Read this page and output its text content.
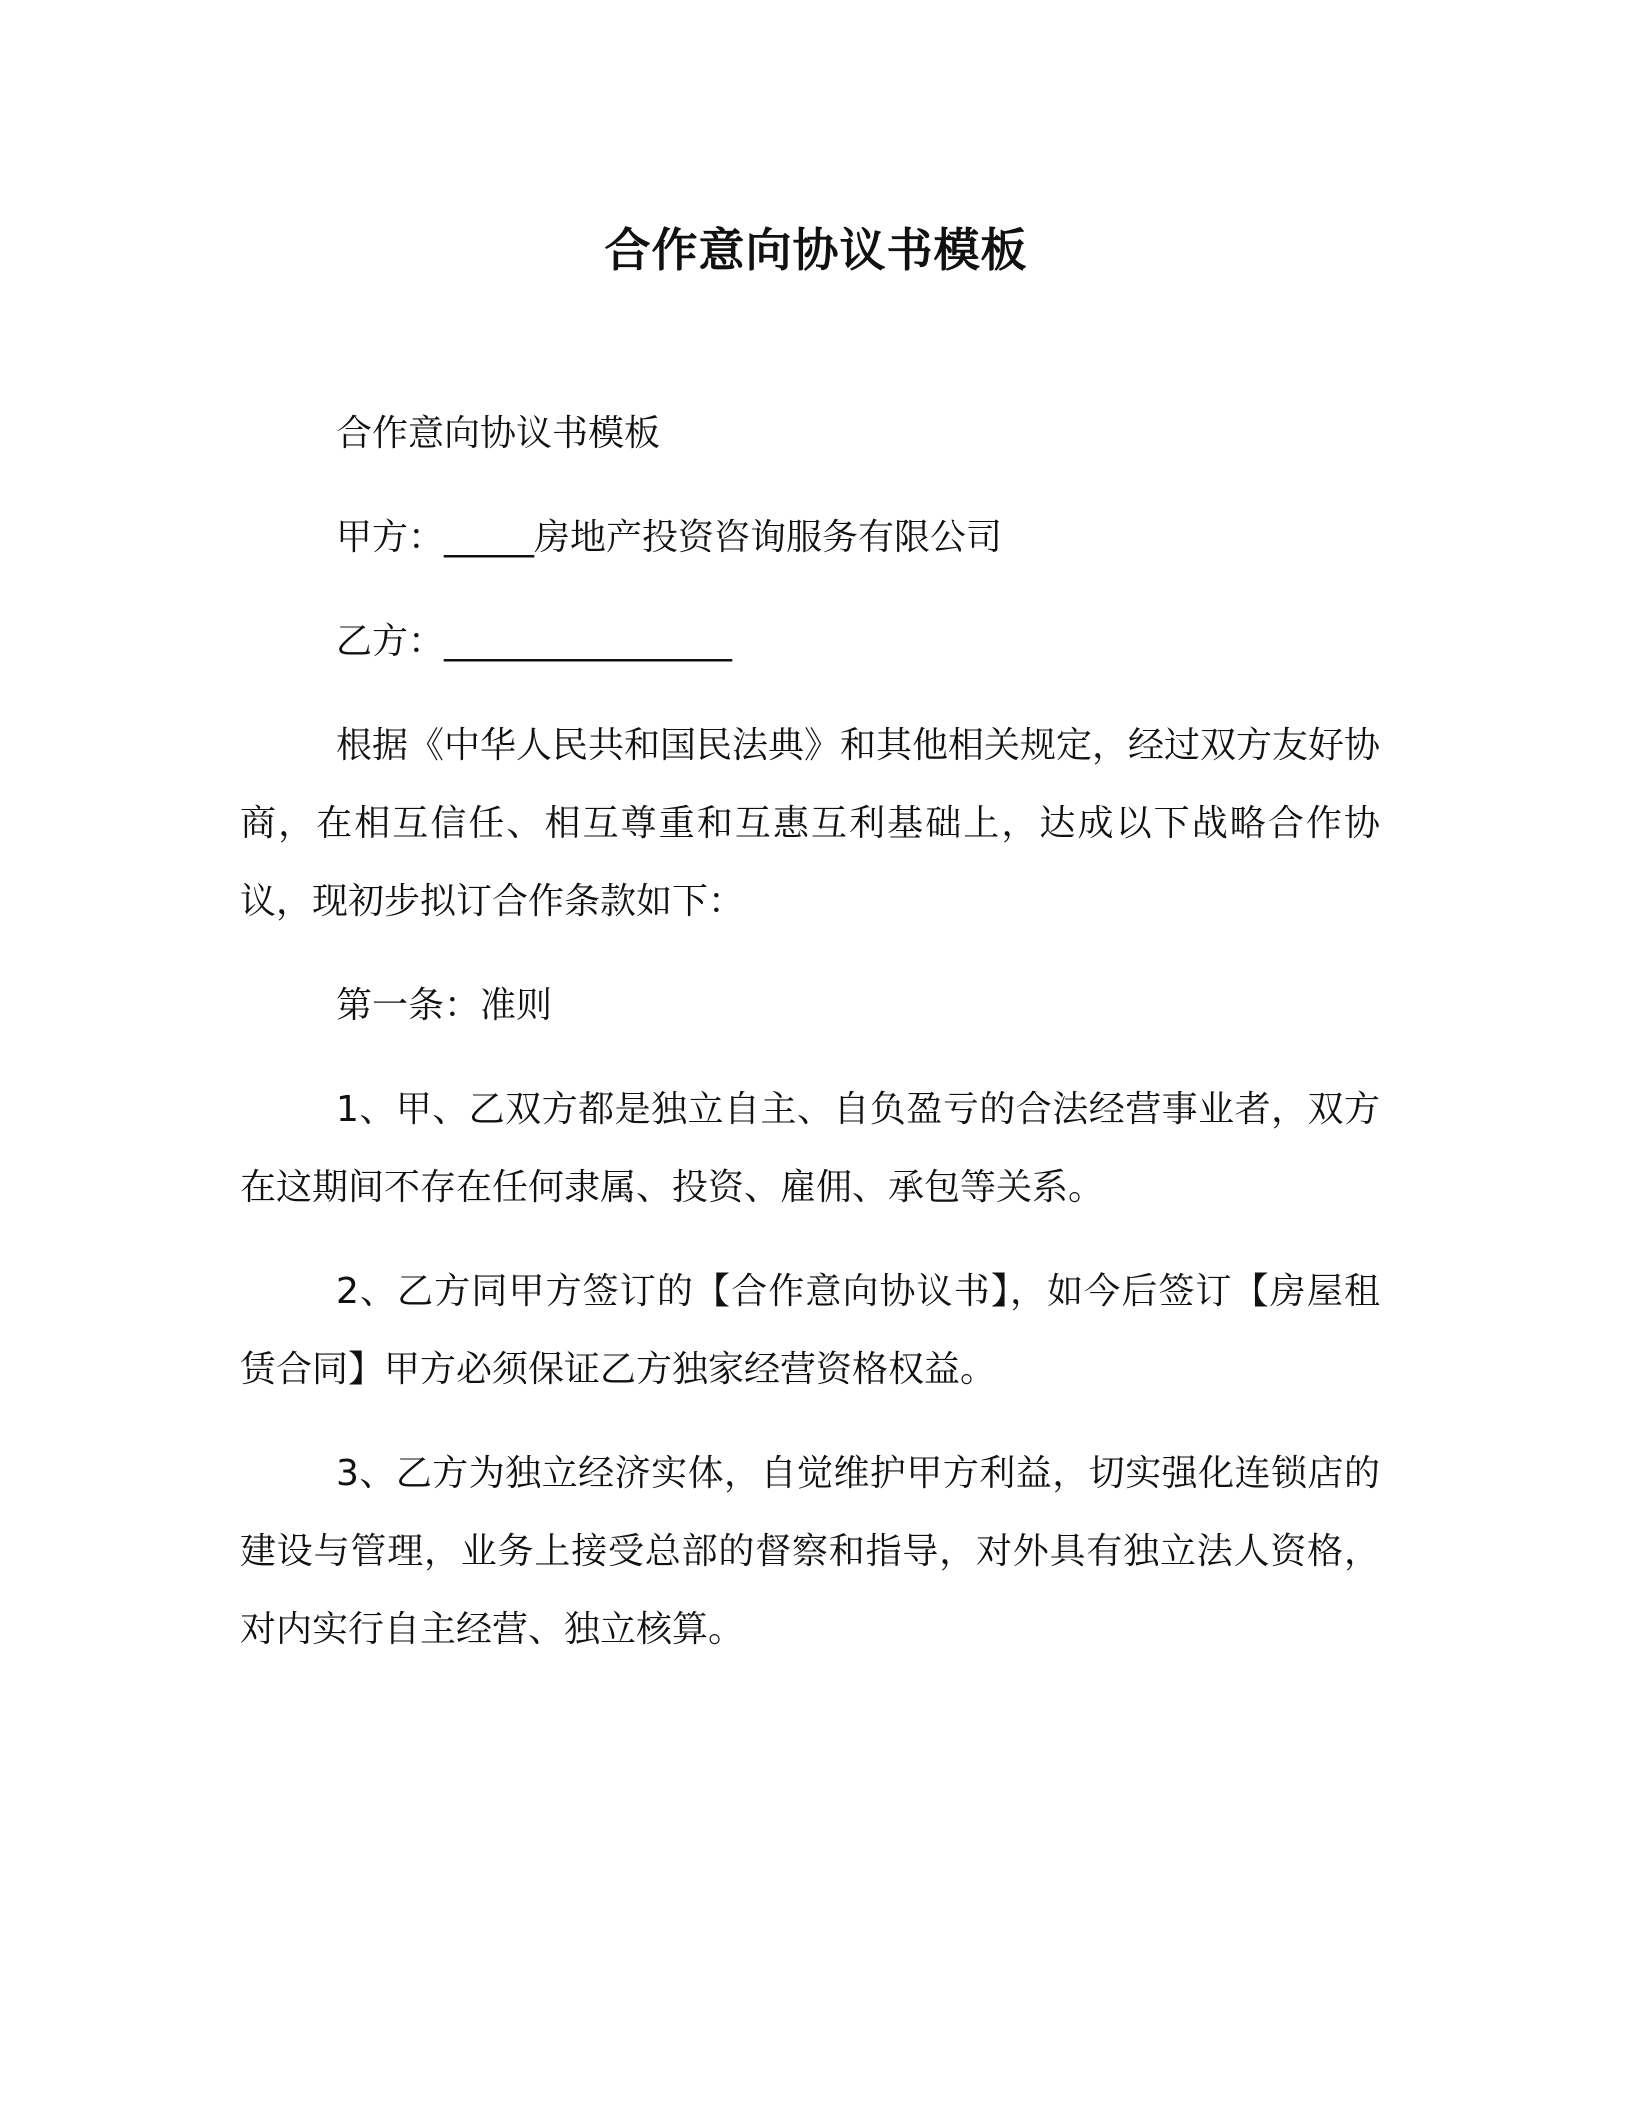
合作意向协议书模板

合作意向协议书模板

甲方：_____房地产投资咨询服务有限公司

乙方：________________

根据《中华人民共和国民法典》和其他相关规定，经过双方友好协商，在相互信任、相互尊重和互惠互利基础上，达成以下战略合作协议，现初步拟订合作条款如下：

第一条：准则

1、甲、乙双方都是独立自主、自负盈亏的合法经营事业者，双方在这期间不存在任何隶属、投资、雇佣、承包等关系。

2、乙方同甲方签订的【合作意向协议书】，如今后签订【房屋租赁合同】甲方必须保证乙方独家经营资格权益。

3、乙方为独立经济实体，自觉维护甲方利益，切实强化连锁店的建设与管理，业务上接受总部的督察和指导，对外具有独立法人资格，对内实行自主经营、独立核算。
